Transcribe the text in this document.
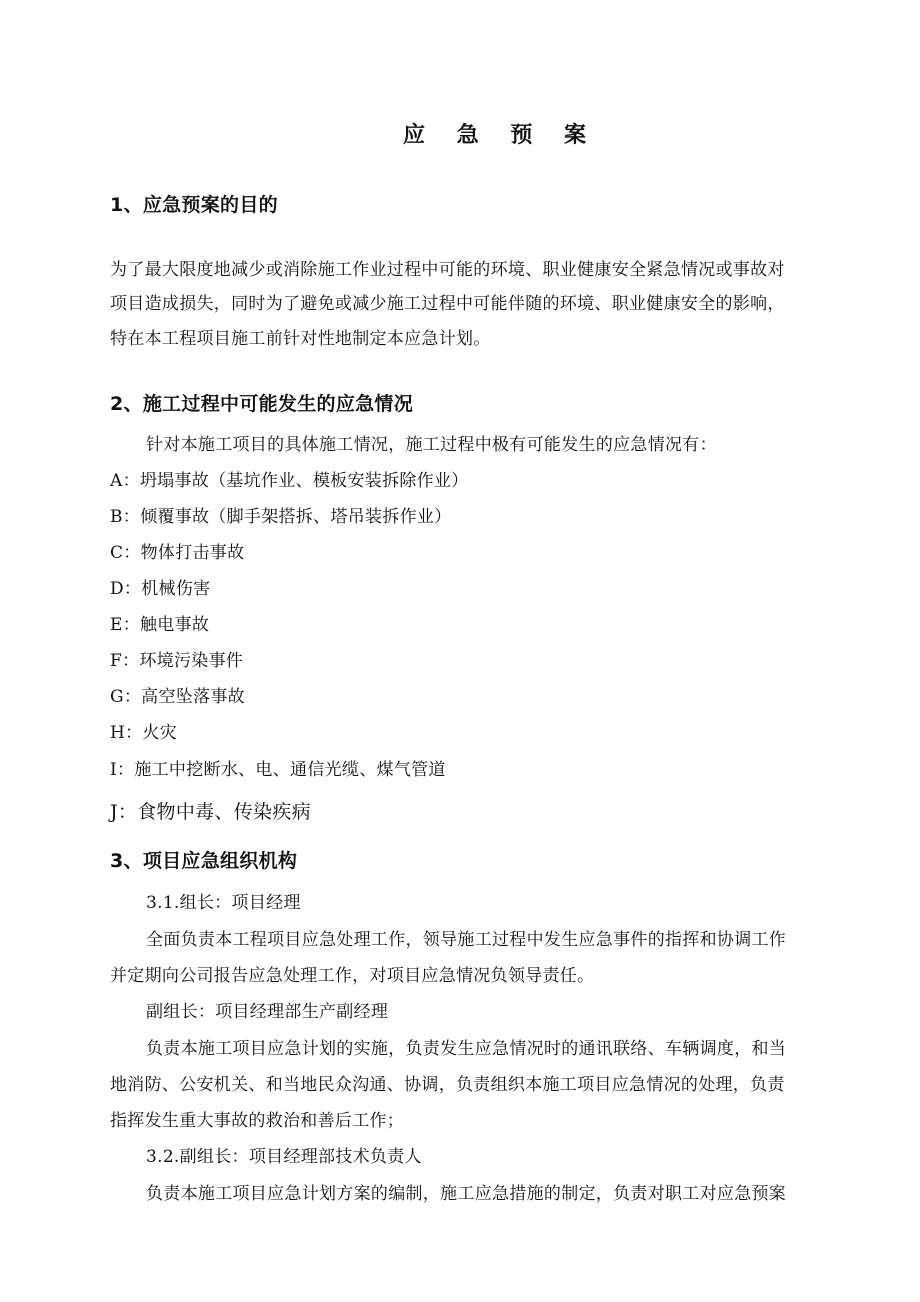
应 急 预 案
1、应急预案的目的
为了最大限度地减少或消除施工作业过程中可能的环境、职业健康安全紧急情况或事故对
项目造成损失，同时为了避免或减少施工过程中可能伴随的环境、职业健康安全的影响，
特在本工程项目施工前针对性地制定本应急计划。
2、施工过程中可能发生的应急情况
针对本施工项目的具体施工情况，施工过程中极有可能发生的应急情况有：
A：坍塌事故（基坑作业、模板安装拆除作业）
B：倾覆事故（脚手架搭拆、塔吊装拆作业）
C：物体打击事故
D：机械伤害
E：触电事故
F：环境污染事件
G：高空坠落事故
H：火灾
I：施工中挖断水、电、通信光缆、煤气管道
J：食物中毒、传染疾病
3、项目应急组织机构
3.1.组长：项目经理
全面负责本工程项目应急处理工作，领导施工过程中发生应急事件的指挥和协调工作
并定期向公司报告应急处理工作，对项目应急情况负领导责任。
副组长：项目经理部生产副经理
负责本施工项目应急计划的实施，负责发生应急情况时的通讯联络、车辆调度，和当
地消防、公安机关、和当地民众沟通、协调，负责组织本施工项目应急情况的处理，负责
指挥发生重大事故的救治和善后工作；
3.2.副组长：项目经理部技术负责人
负责本施工项目应急计划方案的编制，施工应急措施的制定，负责对职工对应急预案
